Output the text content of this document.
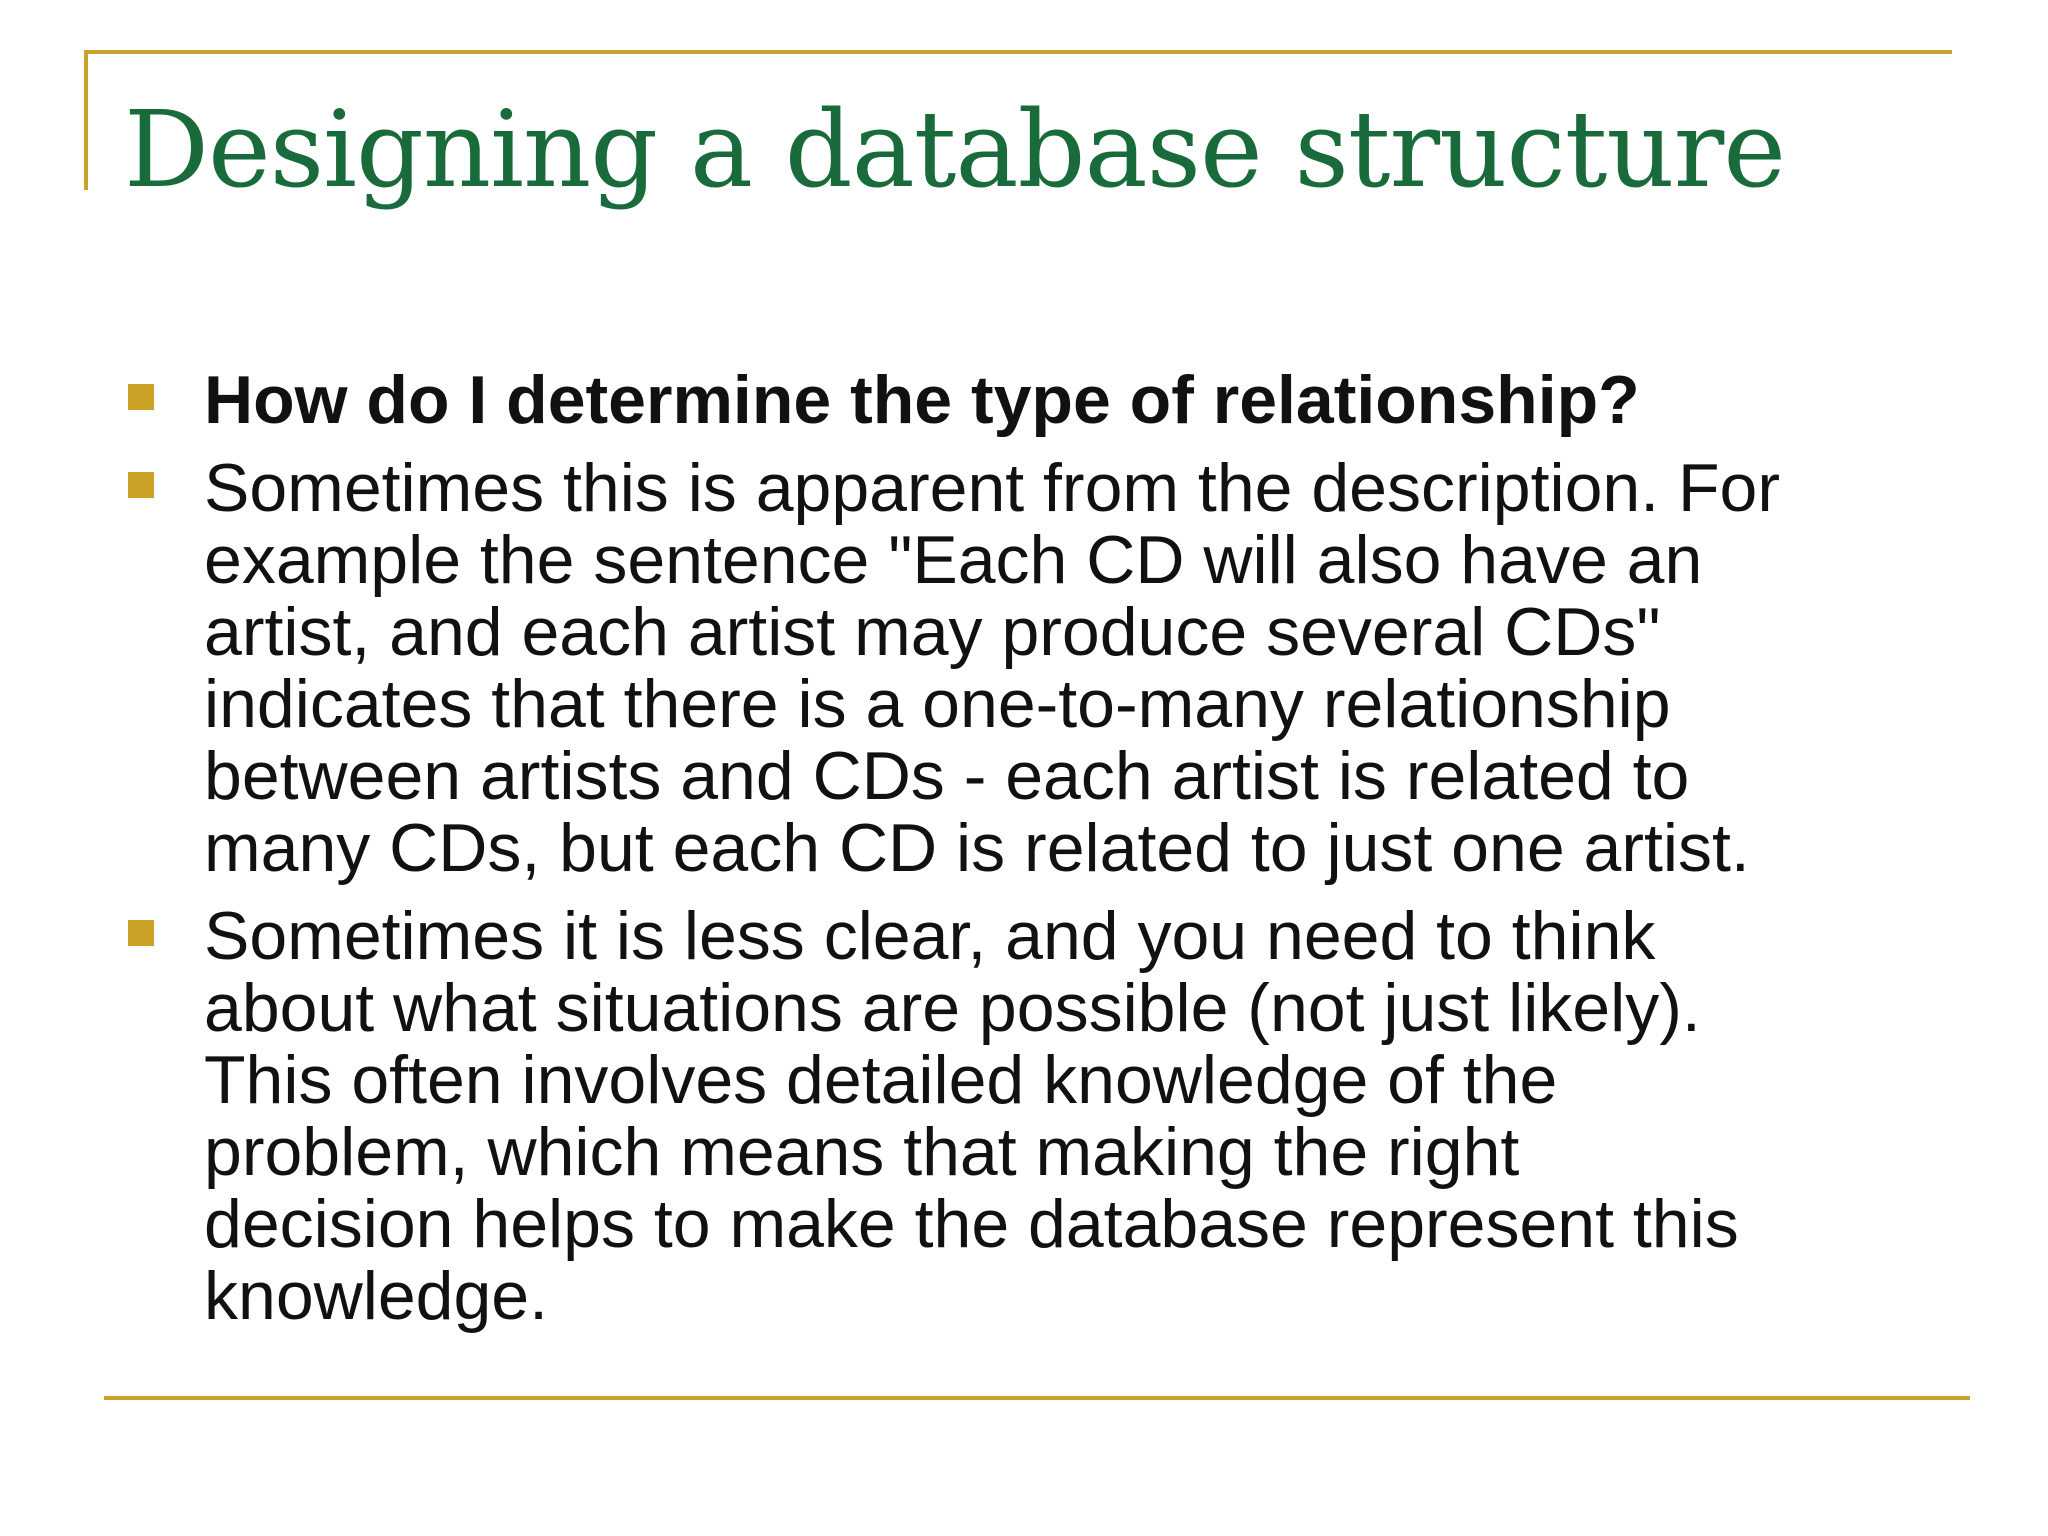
Designing a database structure
How do I determine the type of relationship?
Sometimes this is apparent from the description. For
example the sentence "Each CD will also have an
artist, and each artist may produce several CDs"
indicates that there is a one-to-many relationship
between artists and CDs - each artist is related to
many CDs, but each CD is related to just one artist.
Sometimes it is less clear, and you need to think
about what situations are possible (not just likely).
This often involves detailed knowledge of the
problem, which means that making the right
decision helps to make the database represent this
knowledge.
